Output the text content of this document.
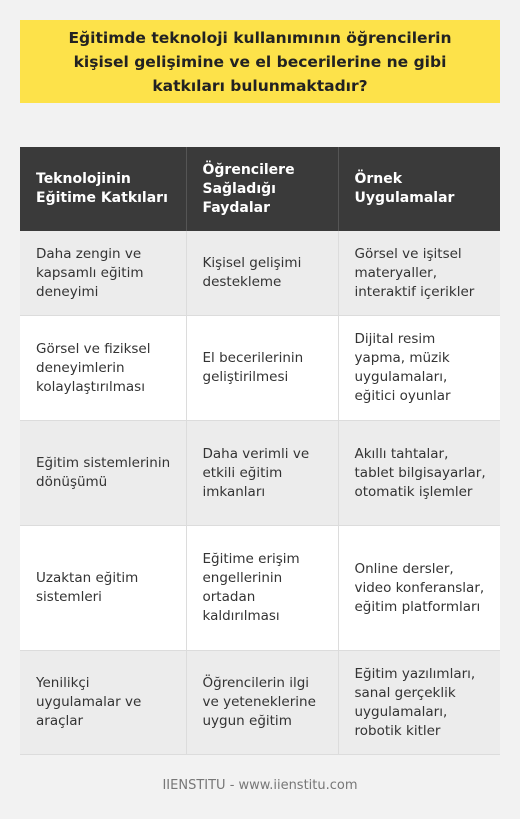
Eğitimde teknoloji kullanımının öğrencilerin kişisel gelişimine ve el becerilerine ne gibi katkıları bulunmaktadır?
Teknolojinin Eğitime Katkıları	Öğrencilere Sağladığı Faydalar	Örnek Uygulamalar
Daha zengin ve kapsamlı eğitim deneyimi	Kişisel gelişimi destekleme	Görsel ve işitsel materyaller, interaktif içerikler
Görsel ve fiziksel deneyimlerin kolaylaştırılması	El becerilerinin geliştirilmesi	Dijital resim yapma, müzik uygulamaları, eğitici oyunlar
Eğitim sistemlerinin dönüşümü	Daha verimli ve etkili eğitim imkanları	Akıllı tahtalar, tablet bilgisayarlar, otomatik işlemler
Uzaktan eğitim sistemleri	Eğitime erişim engellerinin ortadan kaldırılması	Online dersler, video konferanslar, eğitim platformları
Yenilikçi uygulamalar ve araçlar	Öğrencilerin ilgi ve yeteneklerine uygun eğitim	Eğitim yazılımları, sanal gerçeklik uygulamaları, robotik kitler
IIENSTITU - www.iienstitu.com
